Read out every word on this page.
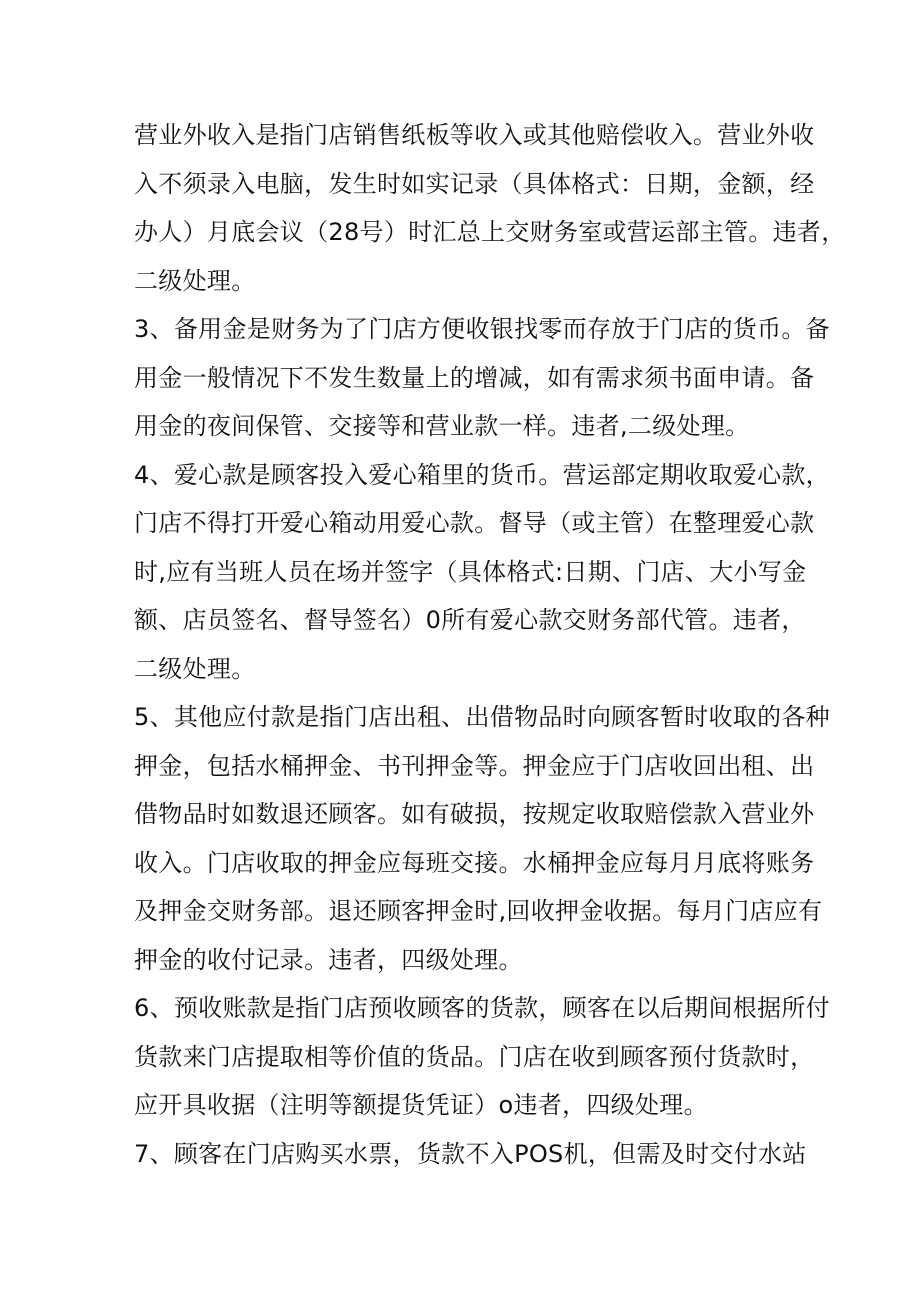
营业外收入是指门店销售纸板等收入或其他赔偿收入。营业外收
入不须录入电脑，发生时如实记录（具体格式：日期，金额，经
办人）月底会议（28号）时汇总上交财务室或营运部主管。违者，
二级处理。
3、备用金是财务为了门店方便收银找零而存放于门店的货币。备
用金一般情况下不发生数量上的增减，如有需求须书面申请。备
用金的夜间保管、交接等和营业款一样。违者,二级处理。
4、爱心款是顾客投入爱心箱里的货币。营运部定期收取爱心款，
门店不得打开爱心箱动用爱心款。督导（或主管）在整理爱心款
时,应有当班人员在场并签字（具体格式:日期、门店、大小写金
额、店员签名、督导签名）0所有爱心款交财务部代管。违者，
二级处理。
5、其他应付款是指门店出租、出借物品时向顾客暂时收取的各种
押金，包括水桶押金、书刊押金等。押金应于门店收回出租、出
借物品时如数退还顾客。如有破损，按规定收取赔偿款入营业外
收入。门店收取的押金应每班交接。水桶押金应每月月底将账务
及押金交财务部。退还顾客押金时,回收押金收据。每月门店应有
押金的收付记录。违者，四级处理。
6、预收账款是指门店预收顾客的货款，顾客在以后期间根据所付
货款来门店提取相等价值的货品。门店在收到顾客预付货款时，
应开具收据（注明等额提货凭证）o违者，四级处理。
7、顾客在门店购买水票，货款不入POS机，但需及时交付水站
